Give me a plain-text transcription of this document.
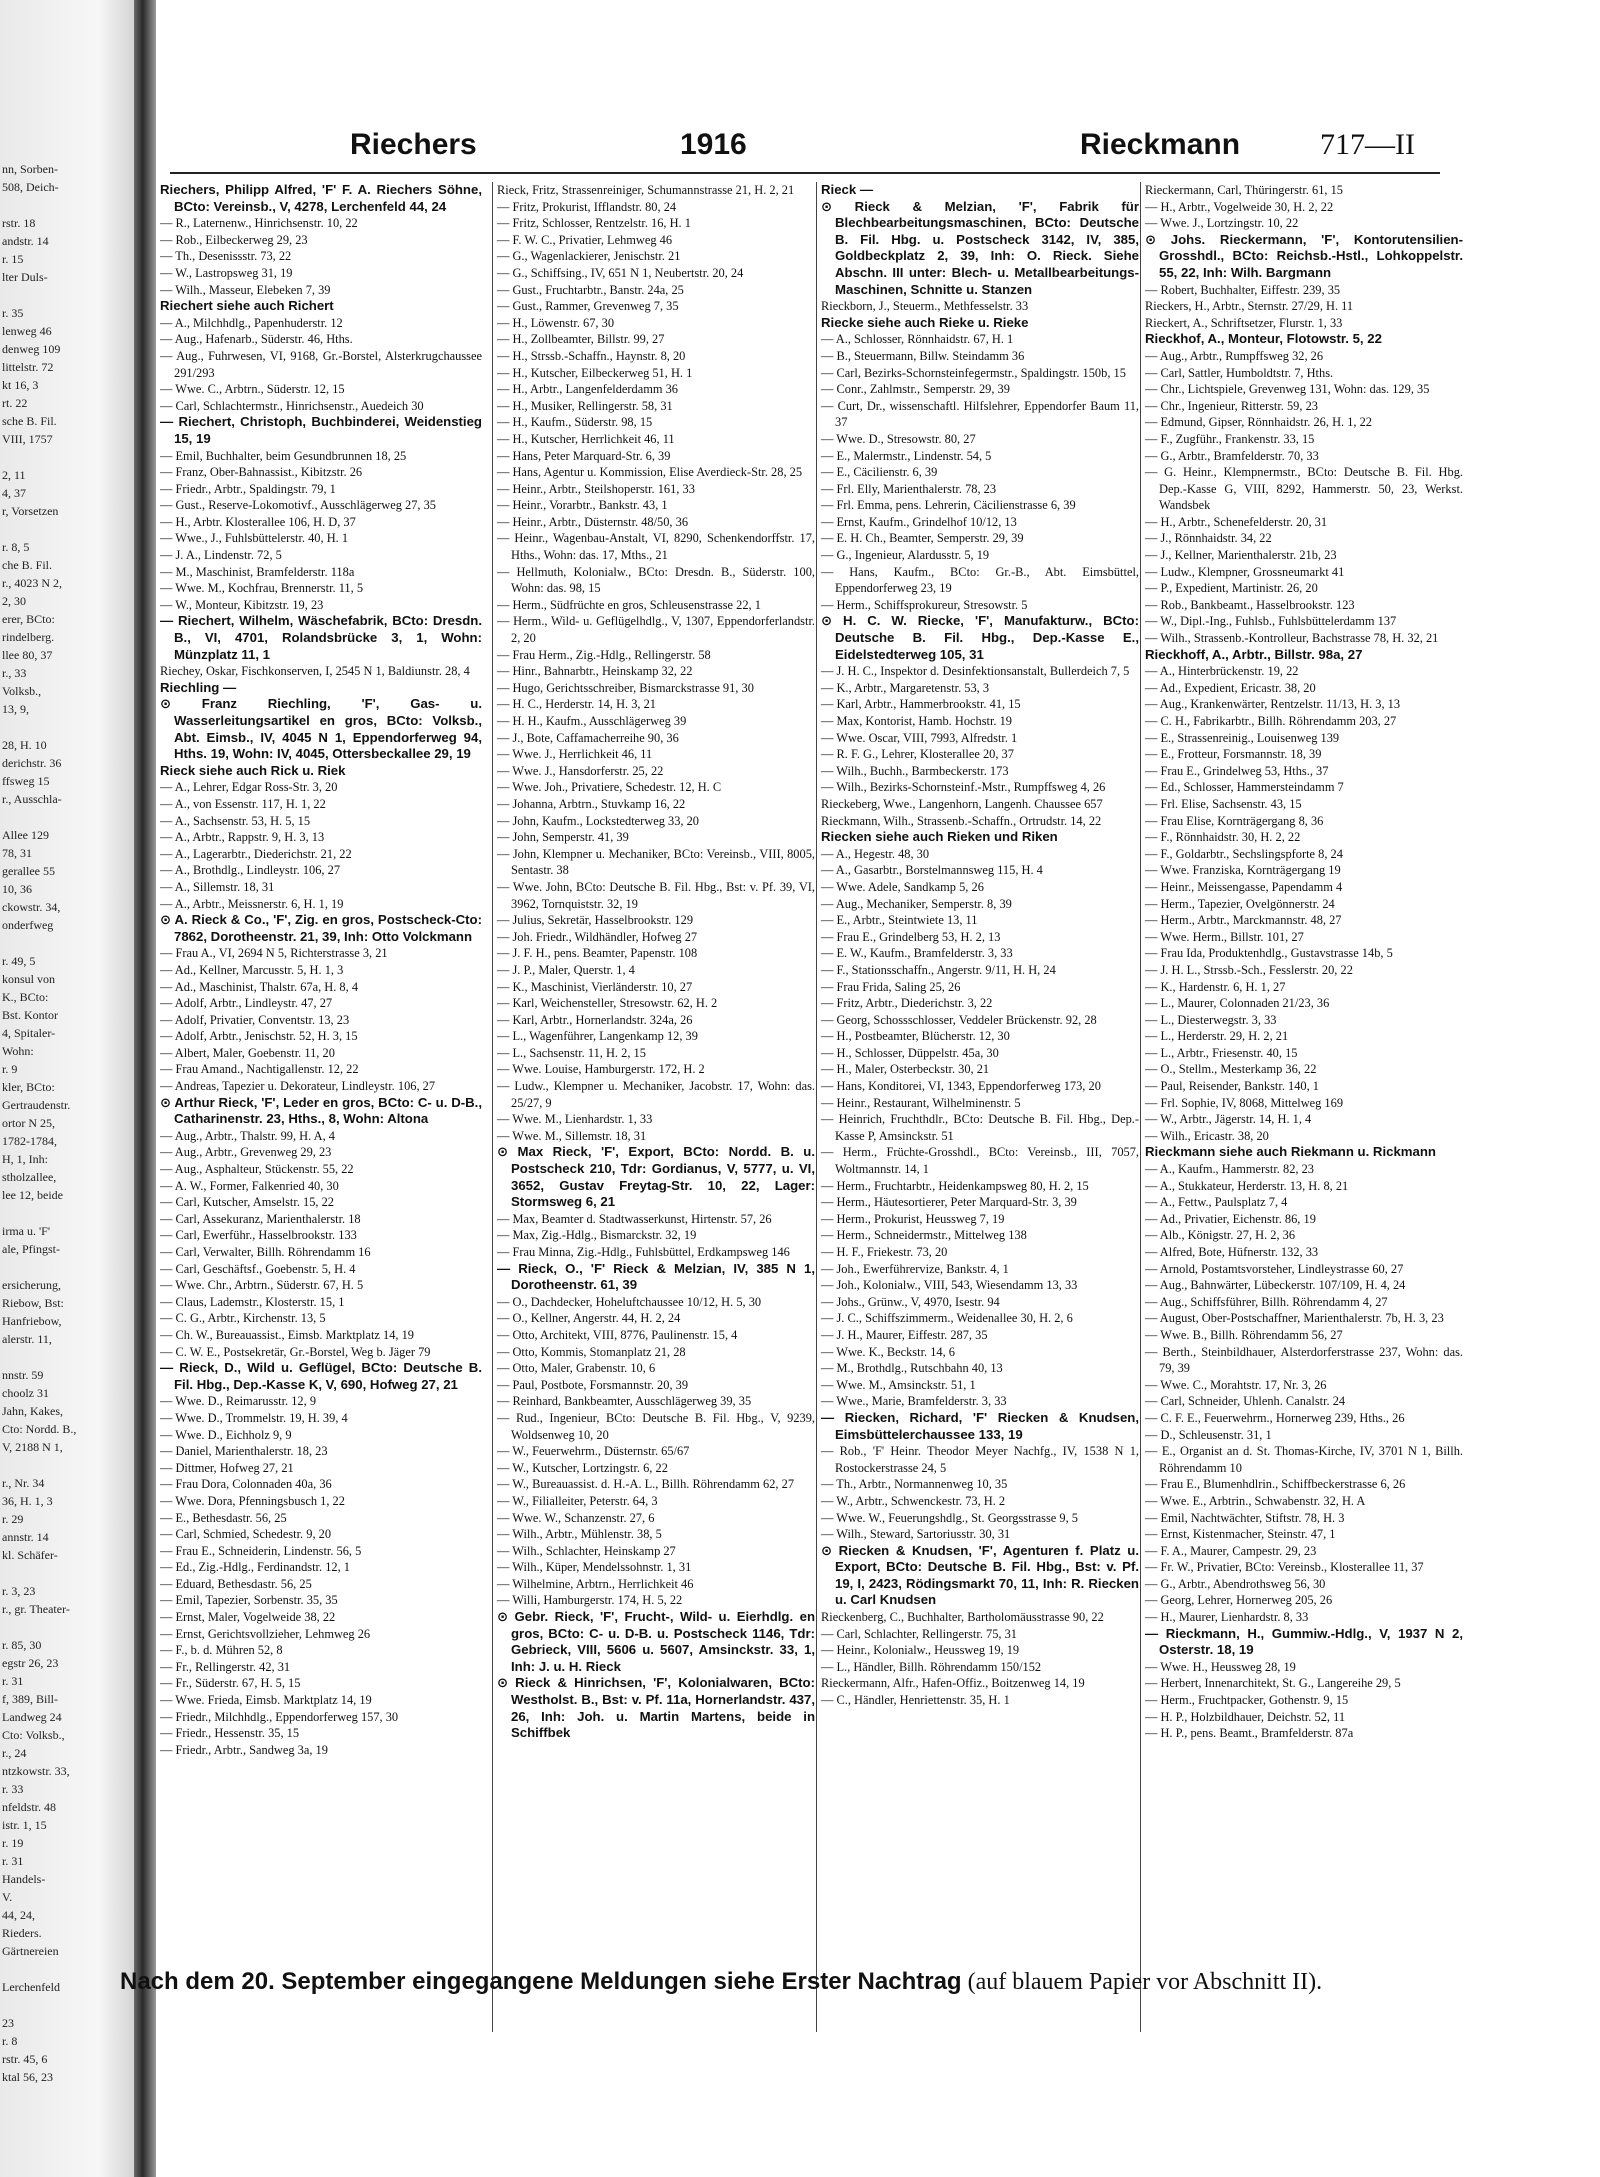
nn, Sorben-
508, Deich-

rstr. 18
andstr. 14
r. 15
lter Duls-

r. 35
lenweg 46
denweg 109
littelstr. 72
kt 16, 3
rt. 22
sche B. Fil.
VIII, 1757

2, 11
4, 37
r, Vorsetzen

r. 8, 5
che B. Fil.
r., 4023 N 2,
2, 30
erer, BCto:
rindelberg.
llee 80, 37
r., 33
Volksb.,
13, 9,

28, H. 10
derichstr. 36
ffsweg 15
r., Ausschla-

Allee 129
78, 31
gerallee 55
10, 36
ckowstr. 34,
onderfweg

r. 49, 5
konsul von
K., BCto:
Bst. Kontor
4, Spitaler-
Wohn:
r. 9
kler, BCto:
Gertraudenstr.
ortor N 25,
1782-1784,
H, 1, Inh:
stholzallee,
lee 12, beide

irma u. 'F'
ale, Pfingst-

ersicherung,
Riebow, Bst:
Hanfriebow,
alerstr. 11,

nnstr. 59
choolz 31
Jahn, Kakes,
Cto: Nordd. B.,
V, 2188 N 1,

r., Nr. 34
36, H. 1, 3
r. 29
annstr. 14
kl. Schäfer-

r. 3, 23
r., gr. Theater-

r. 85, 30
egstr 26, 23
r. 31
f, 389, Bill-
Landweg 24
Cto: Volksb.,
r., 24
ntzkowstr. 33,
r. 33
nfeldstr. 48
istr. 1, 15
r. 19
r. 31
Handels-
V.
44, 24,
Rieders.
Gärtnereien

Lerchenfeld

23
r. 8
rstr. 45, 6
ktal 56, 23
Riechers	1916	Rieckmann	717—II

Riechers, Philipp Alfred, 'F' F. A. Riechers Söhne, BCto: Vereinsb., V, 4278, Lerchenfeld 44, 24

— R., Laternenw., Hinrichsenstr. 10, 22

— Rob., Eilbeckerweg 29, 23

— Th., Desenissstr. 73, 22

— W., Lastropsweg 31, 19

— Wilh., Masseur, Elebeken 7, 39

Riechert siehe auch Richert

— A., Milchhdlg., Papenhuderstr. 12

— Aug., Hafenarb., Süderstr. 46, Hths.

— Aug., Fuhrwesen, VI, 9168, Gr.-Borstel, Alsterkrugchaussee 291/293

— Wwe. C., Arbtrn., Süderstr. 12, 15

— Carl, Schlachtermstr., Hinrichsenstr., Auedeich 30

— Riechert, Christoph, Buchbinderei, Weidenstieg 15, 19

— Emil, Buchhalter, beim Gesundbrunnen 18, 25

— Franz, Ober-Bahnassist., Kibitzstr. 26

— Friedr., Arbtr., Spaldingstr. 79, 1

— Gust., Reserve-Lokomotivf., Ausschlägerweg 27, 35

— H., Arbtr. Klosterallee 106, H. D, 37

— Wwe., J., Fuhlsbüttelerstr. 40, H. 1

— J. A., Lindenstr. 72, 5

— M., Maschinist, Bramfelderstr. 118a

— Wwe. M., Kochfrau, Brennerstr. 11, 5

— W., Monteur, Kibitzstr. 19, 23

— Riechert, Wilhelm, Wäschefabrik, BCto: Dresdn. B., VI, 4701, Rolandsbrücke 3, 1, Wohn: Münzplatz 11, 1

Riechey, Oskar, Fischkonserven, I, 2545 N 1, Baldiunstr. 28, 4

Riechling —

⊙ Franz Riechling, 'F', Gas- u. Wasserleitungsartikel en gros, BCto: Volksb., Abt. Eimsb., IV, 4045 N 1, Eppendorferweg 94, Hths. 19, Wohn: IV, 4045, Ottersbeckallee 29, 19

Rieck siehe auch Rick u. Riek

— A., Lehrer, Edgar Ross-Str. 3, 20

— A., von Essenstr. 117, H. 1, 22

— A., Sachsenstr. 53, H. 5, 15

— A., Arbtr., Rappstr. 9, H. 3, 13

— A., Lagerarbtr., Diederichstr. 21, 22

— A., Brothdlg., Lindleystr. 106, 27

— A., Sillemstr. 18, 31

— A., Arbtr., Meissnerstr. 6, H. 1, 19

⊙ A. Rieck & Co., 'F', Zig. en gros, Postscheck-Cto: 7862, Dorotheenstr. 21, 39, Inh: Otto Volckmann

— Frau A., VI, 2694 N 5, Richterstrasse 3, 21

— Ad., Kellner, Marcusstr. 5, H. 1, 3

— Ad., Maschinist, Thalstr. 67a, H. 8, 4

— Adolf, Arbtr., Lindleystr. 47, 27

— Adolf, Privatier, Conventstr. 13, 23

— Adolf, Arbtr., Jenischstr. 52, H. 3, 15

— Albert, Maler, Goebenstr. 11, 20

— Frau Amand., Nachtigallenstr. 12, 22

— Andreas, Tapezier u. Dekorateur, Lindleystr. 106, 27

⊙ Arthur Rieck, 'F', Leder en gros, BCto: C- u. D-B., Catharinenstr. 23, Hths., 8, Wohn: Altona

— Aug., Arbtr., Thalstr. 99, H. A, 4

— Aug., Arbtr., Grevenweg 29, 23

— Aug., Asphalteur, Stückenstr. 55, 22

— A. W., Former, Falkenried 40, 30

— Carl, Kutscher, Amselstr. 15, 22

— Carl, Assekuranz, Marienthalerstr. 18

— Carl, Ewerführ., Hasselbrookstr. 133

— Carl, Verwalter, Billh. Röhrendamm 16

— Carl, Geschäftsf., Goebenstr. 5, H. 4

— Wwe. Chr., Arbtrn., Süderstr. 67, H. 5

— Claus, Lademstr., Klosterstr. 15, 1

— C. G., Arbtr., Kirchenstr. 13, 5

— Ch. W., Bureauassist., Eimsb. Marktplatz 14, 19

— C. W. E., Postsekretär, Gr.-Borstel, Weg b. Jäger 79

— Rieck, D., Wild u. Geflügel, BCto: Deutsche B. Fil. Hbg., Dep.-Kasse K, V, 690, Hofweg 27, 21

— Wwe. D., Reimarusstr. 12, 9

— Wwe. D., Trommelstr. 19, H. 39, 4

— Wwe. D., Eichholz 9, 9

— Daniel, Marienthalerstr. 18, 23

— Dittmer, Hofweg 27, 21

— Frau Dora, Colonnaden 40a, 36

— Wwe. Dora, Pfenningsbusch 1, 22

— E., Bethesdastr. 56, 25

— Carl, Schmied, Schedestr. 9, 20

— Frau E., Schneiderin, Lindenstr. 56, 5

— Ed., Zig.-Hdlg., Ferdinandstr. 12, 1

— Eduard, Bethesdastr. 56, 25

— Emil, Tapezier, Sorbenstr. 35, 35

— Ernst, Maler, Vogelweide 38, 22

— Ernst, Gerichtsvollzieher, Lehmweg 26

— F., b. d. Mühren 52, 8

— Fr., Rellingerstr. 42, 31

— Fr., Süderstr. 67, H. 5, 15

— Wwe. Frieda, Eimsb. Marktplatz 14, 19

— Friedr., Milchhdlg., Eppendorferweg 157, 30

— Friedr., Hessenstr. 35, 15

— Friedr., Arbtr., Sandweg 3a, 19

Rieck, Fritz, Strassenreiniger, Schumannstrasse 21, H. 2, 21

— Fritz, Prokurist, Ifflandstr. 80, 24

— Fritz, Schlosser, Rentzelstr. 16, H. 1

— F. W. C., Privatier, Lehmweg 46

— G., Wagenlackierer, Jenischstr. 21

— G., Schiffsing., IV, 651 N 1, Neubertstr. 20, 24

— Gust., Fruchtarbtr., Banstr. 24a, 25

— Gust., Rammer, Grevenweg 7, 35

— H., Löwenstr. 67, 30

— H., Zollbeamter, Billstr. 99, 27

— H., Strssb.-Schaffn., Haynstr. 8, 20

— H., Kutscher, Eilbeckerweg 51, H. 1

— H., Arbtr., Langenfelderdamm 36

— H., Musiker, Rellingerstr. 58, 31

— H., Kaufm., Süderstr. 98, 15

— H., Kutscher, Herrlichkeit 46, 11

— Hans, Peter Marquard-Str. 6, 39

— Hans, Agentur u. Kommission, Elise Averdieck-Str. 28, 25

— Heinr., Arbtr., Steilshoperstr. 161, 33

— Heinr., Vorarbtr., Bankstr. 43, 1

— Heinr., Arbtr., Düsternstr. 48/50, 36

— Heinr., Wagenbau-Anstalt, VI, 8290, Schenkendorffstr. 17, Hths., Wohn: das. 17, Mths., 21

— Hellmuth, Kolonialw., BCto: Dresdn. B., Süderstr. 100, Wohn: das. 98, 15

— Herm., Südfrüchte en gros, Schleusenstrasse 22, 1

— Herm., Wild- u. Geflügelhdlg., V, 1307, Eppendorferlandstr. 2, 20

— Frau Herm., Zig.-Hdlg., Rellingerstr. 58

— Hinr., Bahnarbtr., Heinskamp 32, 22

— Hugo, Gerichtsschreiber, Bismarckstrasse 91, 30

— H. C., Herderstr. 14, H. 3, 21

— H. H., Kaufm., Ausschlägerweg 39

— J., Bote, Caffamacherreihe 90, 36

— Wwe. J., Herrlichkeit 46, 11

— Wwe. J., Hansdorferstr. 25, 22

— Wwe. Joh., Privatiere, Schedestr. 12, H. C

— Johanna, Arbtrn., Stuvkamp 16, 22

— John, Kaufm., Lockstedterweg 33, 20

— John, Semperstr. 41, 39

— John, Klempner u. Mechaniker, BCto: Vereinsb., VIII, 8005, Sentastr. 38

— Wwe. John, BCto: Deutsche B. Fil. Hbg., Bst: v. Pf. 39, VI, 3962, Tornquiststr. 32, 19

— Julius, Sekretär, Hasselbrookstr. 129

— Joh. Friedr., Wildhändler, Hofweg 27

— J. F. H., pens. Beamter, Papenstr. 108

— J. P., Maler, Querstr. 1, 4

— K., Maschinist, Vierländerstr. 10, 27

— Karl, Weichensteller, Stresowstr. 62, H. 2

— Karl, Arbtr., Hornerlandstr. 324a, 26

— L., Wagenführer, Langenkamp 12, 39

— L., Sachsenstr. 11, H. 2, 15

— Wwe. Louise, Hamburgerstr. 172, H. 2

— Ludw., Klempner u. Mechaniker, Jacobstr. 17, Wohn: das. 25/27, 9

— Wwe. M., Lienhardstr. 1, 33

— Wwe. M., Sillemstr. 18, 31

⊙ Max Rieck, 'F', Export, BCto: Nordd. B. u. Postscheck 210, Tdr: Gordianus, V, 5777, u. VI, 3652, Gustav Freytag-Str. 10, 22, Lager: Stormsweg 6, 21

— Max, Beamter d. Stadtwasserkunst, Hirtenstr. 57, 26

— Max, Zig.-Hdlg., Bismarckstr. 32, 19

— Frau Minna, Zig.-Hdlg., Fuhlsbüttel, Erdkampsweg 146

— Rieck, O., 'F' Rieck & Melzian, IV, 385 N 1, Dorotheenstr. 61, 39

— O., Dachdecker, Hoheluftchaussee 10/12, H. 5, 30

— O., Kellner, Angerstr. 44, H. 2, 24

— Otto, Architekt, VIII, 8776, Paulinenstr. 15, 4

— Otto, Kommis, Stomanplatz 21, 28

— Otto, Maler, Grabenstr. 10, 6

— Paul, Postbote, Forsmannstr. 20, 39

— Reinhard, Bankbeamter, Ausschlägerweg 39, 35

— Rud., Ingenieur, BCto: Deutsche B. Fil. Hbg., V, 9239, Woldsenweg 10, 20

— W., Feuerwehrm., Düsternstr. 65/67

— W., Kutscher, Lortzingstr. 6, 22

— W., Bureauassist. d. H.-A. L., Billh. Röhrendamm 62, 27

— W., Filialleiter, Peterstr. 64, 3

— Wwe. W., Schanzenstr. 27, 6

— Wilh., Arbtr., Mühlenstr. 38, 5

— Wilh., Schlachter, Heinskamp 27

— Wilh., Küper, Mendelssohnstr. 1, 31

— Wilhelmine, Arbtrn., Herrlichkeit 46

— Willi, Hamburgerstr. 174, H. 5, 22

⊙ Gebr. Rieck, 'F', Frucht-, Wild- u. Eierhdlg. en gros, BCto: C- u. D-B. u. Postscheck 1146, Tdr: Gebrieck, VIII, 5606 u. 5607, Amsinckstr. 33, 1, Inh: J. u. H. Rieck

⊙ Rieck & Hinrichsen, 'F', Kolonialwaren, BCto: Westholst. B., Bst: v. Pf. 11a, Hornerlandstr. 437, 26, Inh: Joh. u. Martin Martens, beide in Schiffbek

Rieck —

⊙ Rieck & Melzian, 'F', Fabrik für Blechbearbeitungsmaschinen, BCto: Deutsche B. Fil. Hbg. u. Postscheck 3142, IV, 385, Goldbeckplatz 2, 39, Inh: O. Rieck. Siehe Abschn. III unter: Blech- u. Metallbearbeitungs-Maschinen, Schnitte u. Stanzen

Rieckborn, J., Steuerm., Methfesselstr. 33

Riecke siehe auch Rieke u. Rieke

— A., Schlosser, Rönnhaidstr. 67, H. 1

— B., Steuermann, Billw. Steindamm 36

— Carl, Bezirks-Schornsteinfegermstr., Spaldingstr. 150b, 15

— Conr., Zahlmstr., Semperstr. 29, 39

— Curt, Dr., wissenschaftl. Hilfslehrer, Eppendorfer Baum 11, 37

— Wwe. D., Stresowstr. 80, 27

— E., Malermstr., Lindenstr. 54, 5

— E., Cäcilienstr. 6, 39

— Frl. Elly, Marienthalerstr. 78, 23

— Frl. Emma, pens. Lehrerin, Cäcilienstrasse 6, 39

— Ernst, Kaufm., Grindelhof 10/12, 13

— E. H. Ch., Beamter, Semperstr. 29, 39

— G., Ingenieur, Alardusstr. 5, 19

— Hans, Kaufm., BCto: Gr.-B., Abt. Eimsbüttel, Eppendorferweg 23, 19

— Herm., Schiffsprokureur, Stresowstr. 5

⊙ H. C. W. Riecke, 'F', Manufakturw., BCto: Deutsche B. Fil. Hbg., Dep.-Kasse E., Eidelstedterweg 105, 31

— J. H. C., Inspektor d. Desinfektionsanstalt, Bullerdeich 7, 5

— K., Arbtr., Margaretenstr. 53, 3

— Karl, Arbtr., Hammerbrookstr. 41, 15

— Max, Kontorist, Hamb. Hochstr. 19

— Wwe. Oscar, VIII, 7993, Alfredstr. 1

— R. F. G., Lehrer, Klosterallee 20, 37

— Wilh., Buchh., Barmbeckerstr. 173

— Wilh., Bezirks-Schornsteinf.-Mstr., Rumpffsweg 4, 26

Rieckeberg, Wwe., Langenhorn, Langenh. Chaussee 657

Rieckmann, Wilh., Strassenb.-Schaffn., Ortrudstr. 14, 22

Riecken siehe auch Rieken und Riken

— A., Hegestr. 48, 30

— A., Gasarbtr., Borstelmannsweg 115, H. 4

— Wwe. Adele, Sandkamp 5, 26

— Aug., Mechaniker, Semperstr. 8, 39

— E., Arbtr., Steintwiete 13, 11

— Frau E., Grindelberg 53, H. 2, 13

— E. W., Kaufm., Bramfelderstr. 3, 33

— F., Stationsschaffn., Angerstr. 9/11, H. H, 24

— Frau Frida, Saling 25, 26

— Fritz, Arbtr., Diederichstr. 3, 22

— Georg, Schossschlosser, Veddeler Brückenstr. 92, 28

— H., Postbeamter, Blücherstr. 12, 30

— H., Schlosser, Düppelstr. 45a, 30

— H., Maler, Osterbeckstr. 30, 21

— Hans, Konditorei, VI, 1343, Eppendorferweg 173, 20

— Heinr., Restaurant, Wilhelminenstr. 5

— Heinrich, Fruchthdlr., BCto: Deutsche B. Fil. Hbg., Dep.-Kasse P, Amsinckstr. 51

— Herm., Früchte-Grosshdl., BCto: Vereinsb., III, 7057, Woltmannstr. 14, 1

— Herm., Fruchtarbtr., Heidenkampsweg 80, H. 2, 15

— Herm., Häutesortierer, Peter Marquard-Str. 3, 39

— Herm., Prokurist, Heussweg 7, 19

— Herm., Schneidermstr., Mittelweg 138

— H. F., Friekestr. 73, 20

— Joh., Ewerführervize, Bankstr. 4, 1

— Joh., Kolonialw., VIII, 543, Wiesendamm 13, 33

— Johs., Grünw., V, 4970, Isestr. 94

— J. C., Schiffszimmerm., Weidenallee 30, H. 2, 6

— J. H., Maurer, Eiffestr. 287, 35

— Wwe. K., Beckstr. 14, 6

— M., Brothdlg., Rutschbahn 40, 13

— Wwe. M., Amsinckstr. 51, 1

— Wwe., Marie, Bramfelderstr. 3, 33

— Riecken, Richard, 'F' Riecken & Knudsen, Eimsbüttelerchaussee 133, 19

— Rob., 'F' Heinr. Theodor Meyer Nachfg., IV, 1538 N 1, Rostockerstrasse 24, 5

— Th., Arbtr., Normannenweg 10, 35

— W., Arbtr., Schwenckestr. 73, H. 2

— Wwe. W., Feuerungshdlg., St. Georgsstrasse 9, 5

— Wilh., Steward, Sartoriusstr. 30, 31

⊙ Riecken & Knudsen, 'F', Agenturen f. Platz u. Export, BCto: Deutsche B. Fil. Hbg., Bst: v. Pf. 19, I, 2423, Rödingsmarkt 70, 11, Inh: R. Riecken u. Carl Knudsen

Rieckenberg, C., Buchhalter, Bartholomäusstrasse 90, 22

— Carl, Schlachter, Rellingerstr. 75, 31

— Heinr., Kolonialw., Heussweg 19, 19

— L., Händler, Billh. Röhrendamm 150/152

Rieckermann, Alfr., Hafen-Offiz., Boitzenweg 14, 19

— C., Händler, Henriettenstr. 35, H. 1

Rieckermann, Carl, Thüringerstr. 61, 15

— H., Arbtr., Vogelweide 30, H. 2, 22

— Wwe. J., Lortzingstr. 10, 22

⊙ Johs. Rieckermann, 'F', Kontorutensilien-Grosshdl., BCto: Reichsb.-Hstl., Lohkoppelstr. 55, 22, Inh: Wilh. Bargmann

— Robert, Buchhalter, Eiffestr. 239, 35

Rieckers, H., Arbtr., Sternstr. 27/29, H. 11

Rieckert, A., Schriftsetzer, Flurstr. 1, 33

Rieckhof, A., Monteur, Flotowstr. 5, 22

— Aug., Arbtr., Rumpffsweg 32, 26

— Carl, Sattler, Humboldtstr. 7, Hths.

— Chr., Lichtspiele, Grevenweg 131, Wohn: das. 129, 35

— Chr., Ingenieur, Ritterstr. 59, 23

— Edmund, Gipser, Rönnhaidstr. 26, H. 1, 22

— F., Zugführ., Frankenstr. 33, 15

— G., Arbtr., Bramfelderstr. 70, 33

— G. Heinr., Klempnermstr., BCto: Deutsche B. Fil. Hbg. Dep.-Kasse G, VIII, 8292, Hammerstr. 50, 23, Werkst. Wandsbek

— H., Arbtr., Schenefelderstr. 20, 31

— J., Rönnhaidstr. 34, 22

— J., Kellner, Marienthalerstr. 21b, 23

— Ludw., Klempner, Grossneumarkt 41

— P., Expedient, Martinistr. 26, 20

— Rob., Bankbeamt., Hasselbrookstr. 123

— W., Dipl.-Ing., Fuhlsb., Fuhlsbüttelerdamm 137

— Wilh., Strassenb.-Kontrolleur, Bachstrasse 78, H. 32, 21

Rieckhoff, A., Arbtr., Billstr. 98a, 27

— A., Hinterbrückenstr. 19, 22

— Ad., Expedient, Ericastr. 38, 20

— Aug., Krankenwärter, Rentzelstr. 11/13, H. 3, 13

— C. H., Fabrikarbtr., Billh. Röhrendamm 203, 27

— E., Strassenreinig., Louisenweg 139

— E., Frotteur, Forsmannstr. 18, 39

— Frau E., Grindelweg 53, Hths., 37

— Ed., Schlosser, Hammersteindamm 7

— Frl. Elise, Sachsenstr. 43, 15

— Frau Elise, Kornträgergang 8, 36

— F., Rönnhaidstr. 30, H. 2, 22

— F., Goldarbtr., Sechslingspforte 8, 24

— Wwe. Franziska, Kornträgergang 19

— Heinr., Meissengasse, Papendamm 4

— Herm., Tapezier, Ovelgönnerstr. 24

— Herm., Arbtr., Marckmannstr. 48, 27

— Wwe. Herm., Billstr. 101, 27

— Frau Ida, Produktenhdlg., Gustavstrasse 14b, 5

— J. H. L., Strssb.-Sch., Fesslerstr. 20, 22

— K., Hardenstr. 6, H. 1, 27

— L., Maurer, Colonnaden 21/23, 36

— L., Diesterwegstr. 3, 33

— L., Herderstr. 29, H. 2, 21

— L., Arbtr., Friesenstr. 40, 15

— O., Stellm., Mesterkamp 36, 22

— Paul, Reisender, Bankstr. 140, 1

— Frl. Sophie, IV, 8068, Mittelweg 169

— W., Arbtr., Jägerstr. 14, H. 1, 4

— Wilh., Ericastr. 38, 20

Rieckmann siehe auch Riekmann u. Rickmann

— A., Kaufm., Hammerstr. 82, 23

— A., Stukkateur, Herderstr. 13, H. 8, 21

— A., Fettw., Paulsplatz 7, 4

— Ad., Privatier, Eichenstr. 86, 19

— Alb., Königstr. 27, H. 2, 36

— Alfred, Bote, Hüfnerstr. 132, 33

— Arnold, Postamtsvorsteher, Lindleystrasse 60, 27

— Aug., Bahnwärter, Lübeckerstr. 107/109, H. 4, 24

— Aug., Schiffsführer, Billh. Röhrendamm 4, 27

— August, Ober-Postschaffner, Marienthalerstr. 7b, H. 3, 23

— Wwe. B., Billh. Röhrendamm 56, 27

— Berth., Steinbildhauer, Alsterdorferstrasse 237, Wohn: das. 79, 39

— Wwe. C., Morahtstr. 17, Nr. 3, 26

— Carl, Schneider, Uhlenh. Canalstr. 24

— C. F. E., Feuerwehrm., Hornerweg 239, Hths., 26

— D., Schleusenstr. 31, 1

— E., Organist an d. St. Thomas-Kirche, IV, 3701 N 1, Billh. Röhrendamm 10

— Frau E., Blumenhdlrin., Schiffbeckerstrasse 6, 26

— Wwe. E., Arbtrin., Schwabenstr. 32, H. A

— Emil, Nachtwächter, Stiftstr. 78, H. 3

— Ernst, Kistenmacher, Steinstr. 47, 1

— F. A., Maurer, Campestr. 29, 23

— Fr. W., Privatier, BCto: Vereinsb., Klosterallee 11, 37

— G., Arbtr., Abendrothsweg 56, 30

— Georg, Lehrer, Hornerweg 205, 26

— H., Maurer, Lienhardstr. 8, 33

— Rieckmann, H., Gummiw.-Hdlg., V, 1937 N 2, Osterstr. 18, 19

— Wwe. H., Heussweg 28, 19

— Herbert, Innenarchitekt, St. G., Langereihe 29, 5

— Herm., Fruchtpacker, Gothenstr. 9, 15

— H. P., Holzbildhauer, Deichstr. 52, 11

— H. P., pens. Beamt., Bramfelderstr. 87a

Nach dem 20. September eingegangene Meldungen siehe Erster Nachtrag (auf blauem Papier vor Abschnitt II).
